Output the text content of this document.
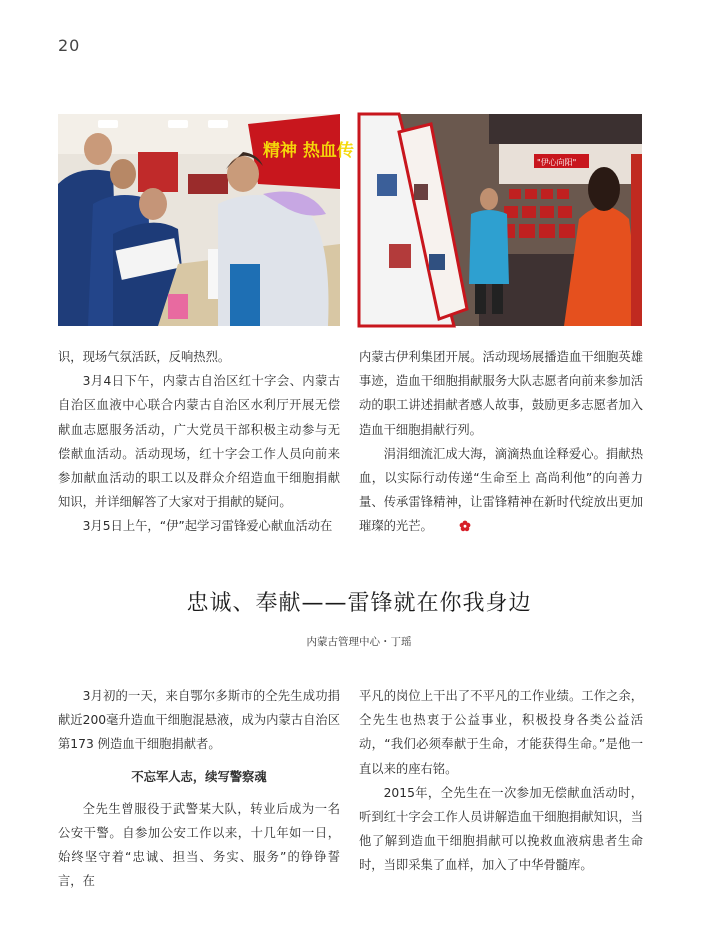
20
精神 热血传
"伊心向阳"

识，现场气氛活跃，反响热烈。

3月4日下午，内蒙古自治区红十字会、内蒙古自治区血液中心联合内蒙古自治区水利厅开展无偿献血志愿服务活动，广大党员干部积极主动参与无偿献血活动。活动现场，红十字会工作人员向前来参加献血活动的职工以及群众介绍造血干细胞捐献知识，并详细解答了大家对于捐献的疑问。

3月5日上午，“伊”起学习雷锋爱心献血活动在

内蒙古伊利集团开展。活动现场展播造血干细胞英雄事迹，造血干细胞捐献服务大队志愿者向前来参加活动的职工讲述捐献者感人故事，鼓励更多志愿者加入造血干细胞捐献行列。

涓涓细流汇成大海，滴滴热血诠释爱心。捐献热血，以实际行动传递“生命至上 高尚利他”的向善力量、传承雷锋精神，让雷锋精神在新时代绽放出更加璀璨的光芒。

忠诚、奉献——雷锋就在你我身边
内蒙古管理中心・丁瑶

3月初的一天，来自鄂尔多斯市的仝先生成功捐献近200毫升造血干细胞混悬液，成为内蒙古自治区第173 例造血干细胞捐献者。

不忘军人志，续写警察魂

仝先生曾服役于武警某大队，转业后成为一名公安干警。自参加公安工作以来，十几年如一日，始终坚守着“忠诚、担当、务实、服务”的铮铮誓言，在

平凡的岗位上干出了不平凡的工作业绩。工作之余，仝先生也热衷于公益事业，积极投身各类公益活动，“我们必须奉献于生命，才能获得生命。”是他一直以来的座右铭。

2015年，仝先生在一次参加无偿献血活动时，听到红十字会工作人员讲解造血干细胞捐献知识，当他了解到造血干细胞捐献可以挽救血液病患者生命时，当即采集了血样，加入了中华骨髓库。
